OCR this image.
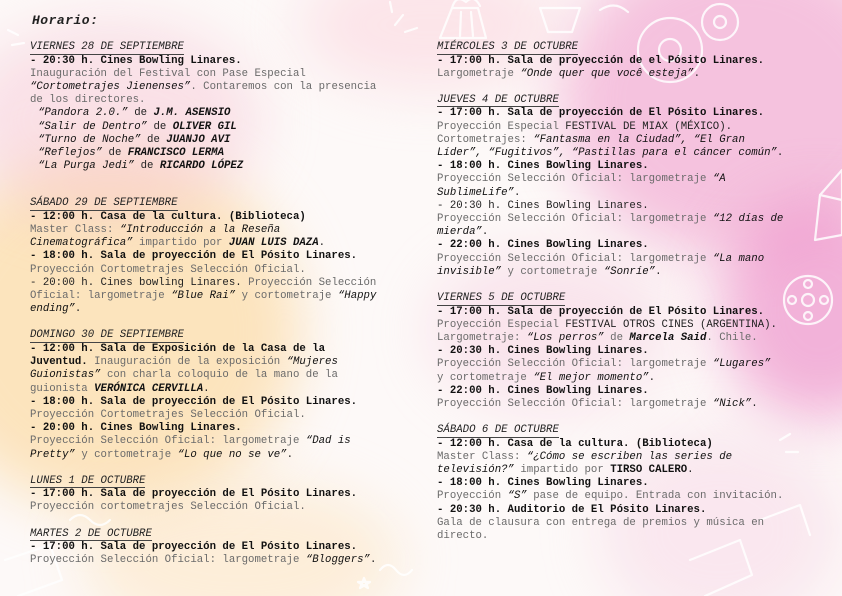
Horario:
VIERNES 28 DE SEPTIEMBRE
- 20:30 h. Cines Bowling Linares.
Inauguración del Festival con Pase Especial
“Cortometrajes Jienenses”. Contaremos con la presencia
de los directores.
“Pandora 2.0.” de J.M. ASENSIO
“Salir de Dentro” de OLIVER GIL
“Turno de Noche” de JUANJO AVI
“Reflejos” de FRANCISCO LERMA
“La Purga Jedi” de RICARDO LÓPEZ
SÁBADO 29 DE SEPTIEMBRE
- 12:00 h. Casa de la cultura. (Biblioteca)
Master Class: “Introducción a la Reseña
Cinematográfica” impartido por JUAN LUIS DAZA.
- 18:00 h. Sala de proyección de El Pósito Linares.
Proyección Cortometrajes Selección Oficial.
- 20:00 h. Cines bowling Linares. Proyección Selección
Oficial: largometraje “Blue Rai” y cortometraje “Happy
ending”.
DOMINGO 30 DE SEPTIEMBRE
- 12:00 h. Sala de Exposición de la Casa de la
Juventud. Inauguración de la exposición “Mujeres
Guionistas” con charla coloquio de la mano de la
guionista VERÓNICA CERVILLA.
- 18:00 h. Sala de proyección de El Pósito Linares.
Proyección Cortometrajes Selección Oficial.
- 20:00 h. Cines Bowling Linares.
Proyección Selección Oficial: largometraje “Dad is
Pretty” y cortometraje “Lo que no se ve”.
LUNES 1 DE OCTUBRE
- 17:00 h. Sala de proyección de El Pósito Linares.
Proyección cortometrajes Selección Oficial.
MARTES 2 DE OCTUBRE
- 17:00 h. Sala de proyección de El Pósito Linares.
Proyección Selección Oficial: largometraje “Bloggers”.
MIÉRCOLES 3 DE OCTUBRE
- 17:00 h. Sala de proyección de el Pósito Linares.
Largometraje “Onde quer que você esteja”.
JUEVES 4 DE OCTUBRE
- 17:00 h. Sala de proyección de El Pósito Linares.
Proyección Especial FESTIVAL DE MIAX (MÉXICO).
Cortometrajes: “Fantasma en la Ciudad”, “El Gran
Líder”, “Fugitivos”, “Pastillas para el cáncer común”.
- 18:00 h. Cines Bowling Linares.
Proyección Selección Oficial: largometraje “A
SublimeLife”.
- 20:30 h. Cines Bowling Linares.
Proyección Selección Oficial: largometraje “12 días de
mierda”.
- 22:00 h. Cines Bowling Linares.
Proyección Selección Oficial: largometraje “La mano
invisible” y cortometraje “Sonríe”.
VIERNES 5 DE OCTUBRE
- 17:00 h. Sala de proyección de El Pósito Linares.
Proyección Especial FESTIVAL OTROS CINES (ARGENTINA).
Largometraje: “Los perros” de Marcela Said. Chile.
- 20:30 h. Cines Bowling Linares.
Proyección Selección Oficial: largometraje “Lugares”
y cortometraje “El mejor momento”.
- 22:00 h. Cines Bowling Linares.
Proyección Selección Oficial: largometraje “Nick”.
SÁBADO 6 DE OCTUBRE
- 12:00 h. Casa de la cultura. (Biblioteca)
Master Class: “¿Cómo se escriben las series de
televisión?” impartido por TIRSO CALERO.
- 18:00 h. Cines Bowling Linares.
Proyección “S” pase de equipo. Entrada con invitación.
- 20:30 h. Auditorio de El Pósito Linares.
Gala de clausura con entrega de premios y música en
directo.
